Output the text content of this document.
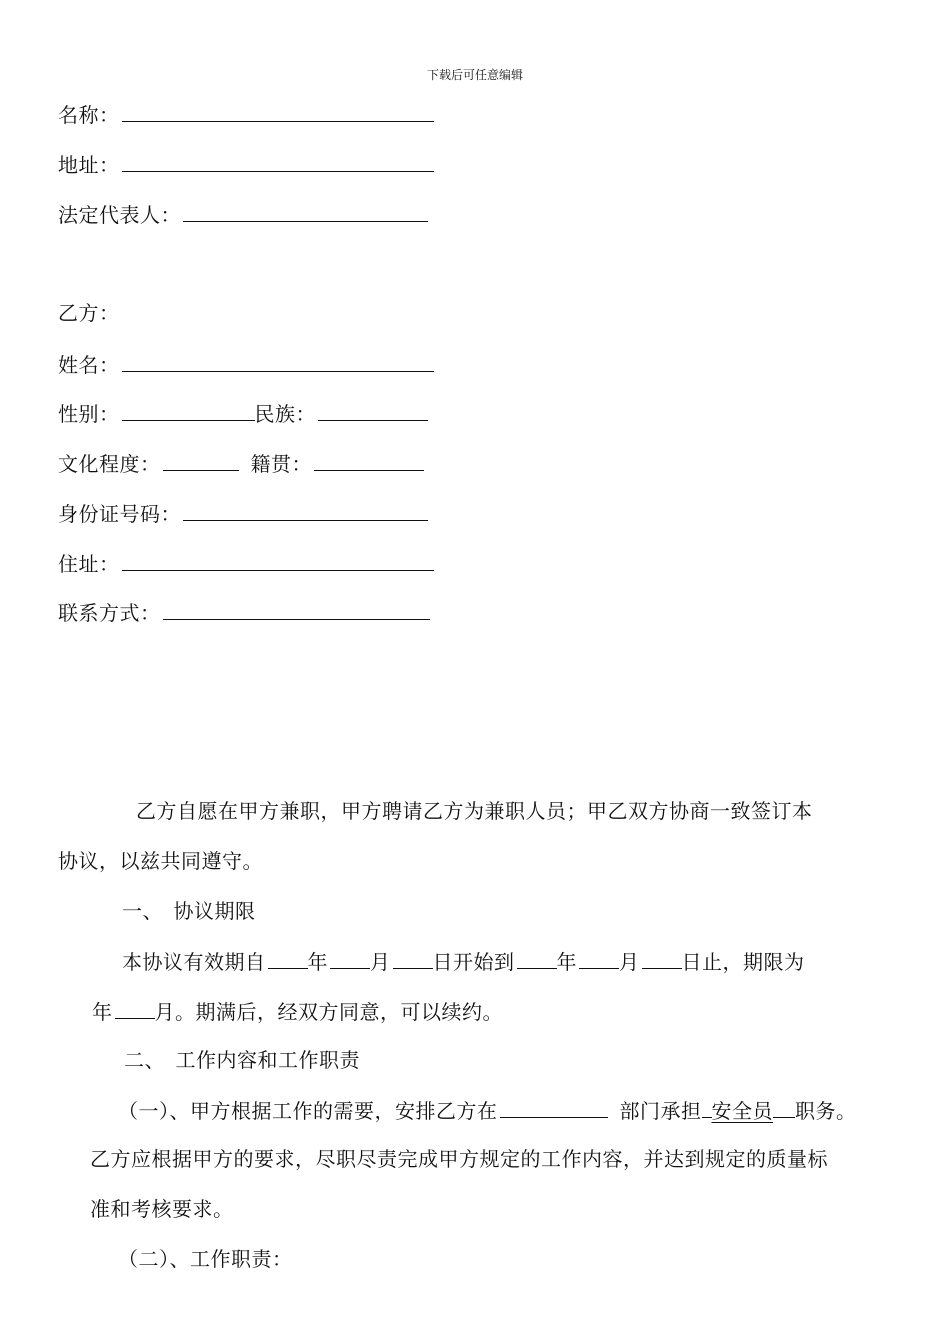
下载后可任意编辑
名称：
地址：
法定代表人：
乙方：
姓名：
性别：	民族：
文化程度：	籍贯：
身份证号码：
住址：
联系方式：
乙方自愿在甲方兼职，甲方聘请乙方为兼职人员；甲乙双方协商一致签订本
协议，以兹共同遵守。
一、　协议期限
本协议有效期自 年 月 日开始到 年 月 日止，期限为
年 月。期满后，经双方同意，可以续约。
二、　工作内容和工作职责
（一）、甲方根据工作的需要，安排乙方在	部门承担 安全员 职务。
乙方应根据甲方的要求，尽职尽责完成甲方规定的工作内容，并达到规定的质量标
准和考核要求。
（二）、工作职责：
